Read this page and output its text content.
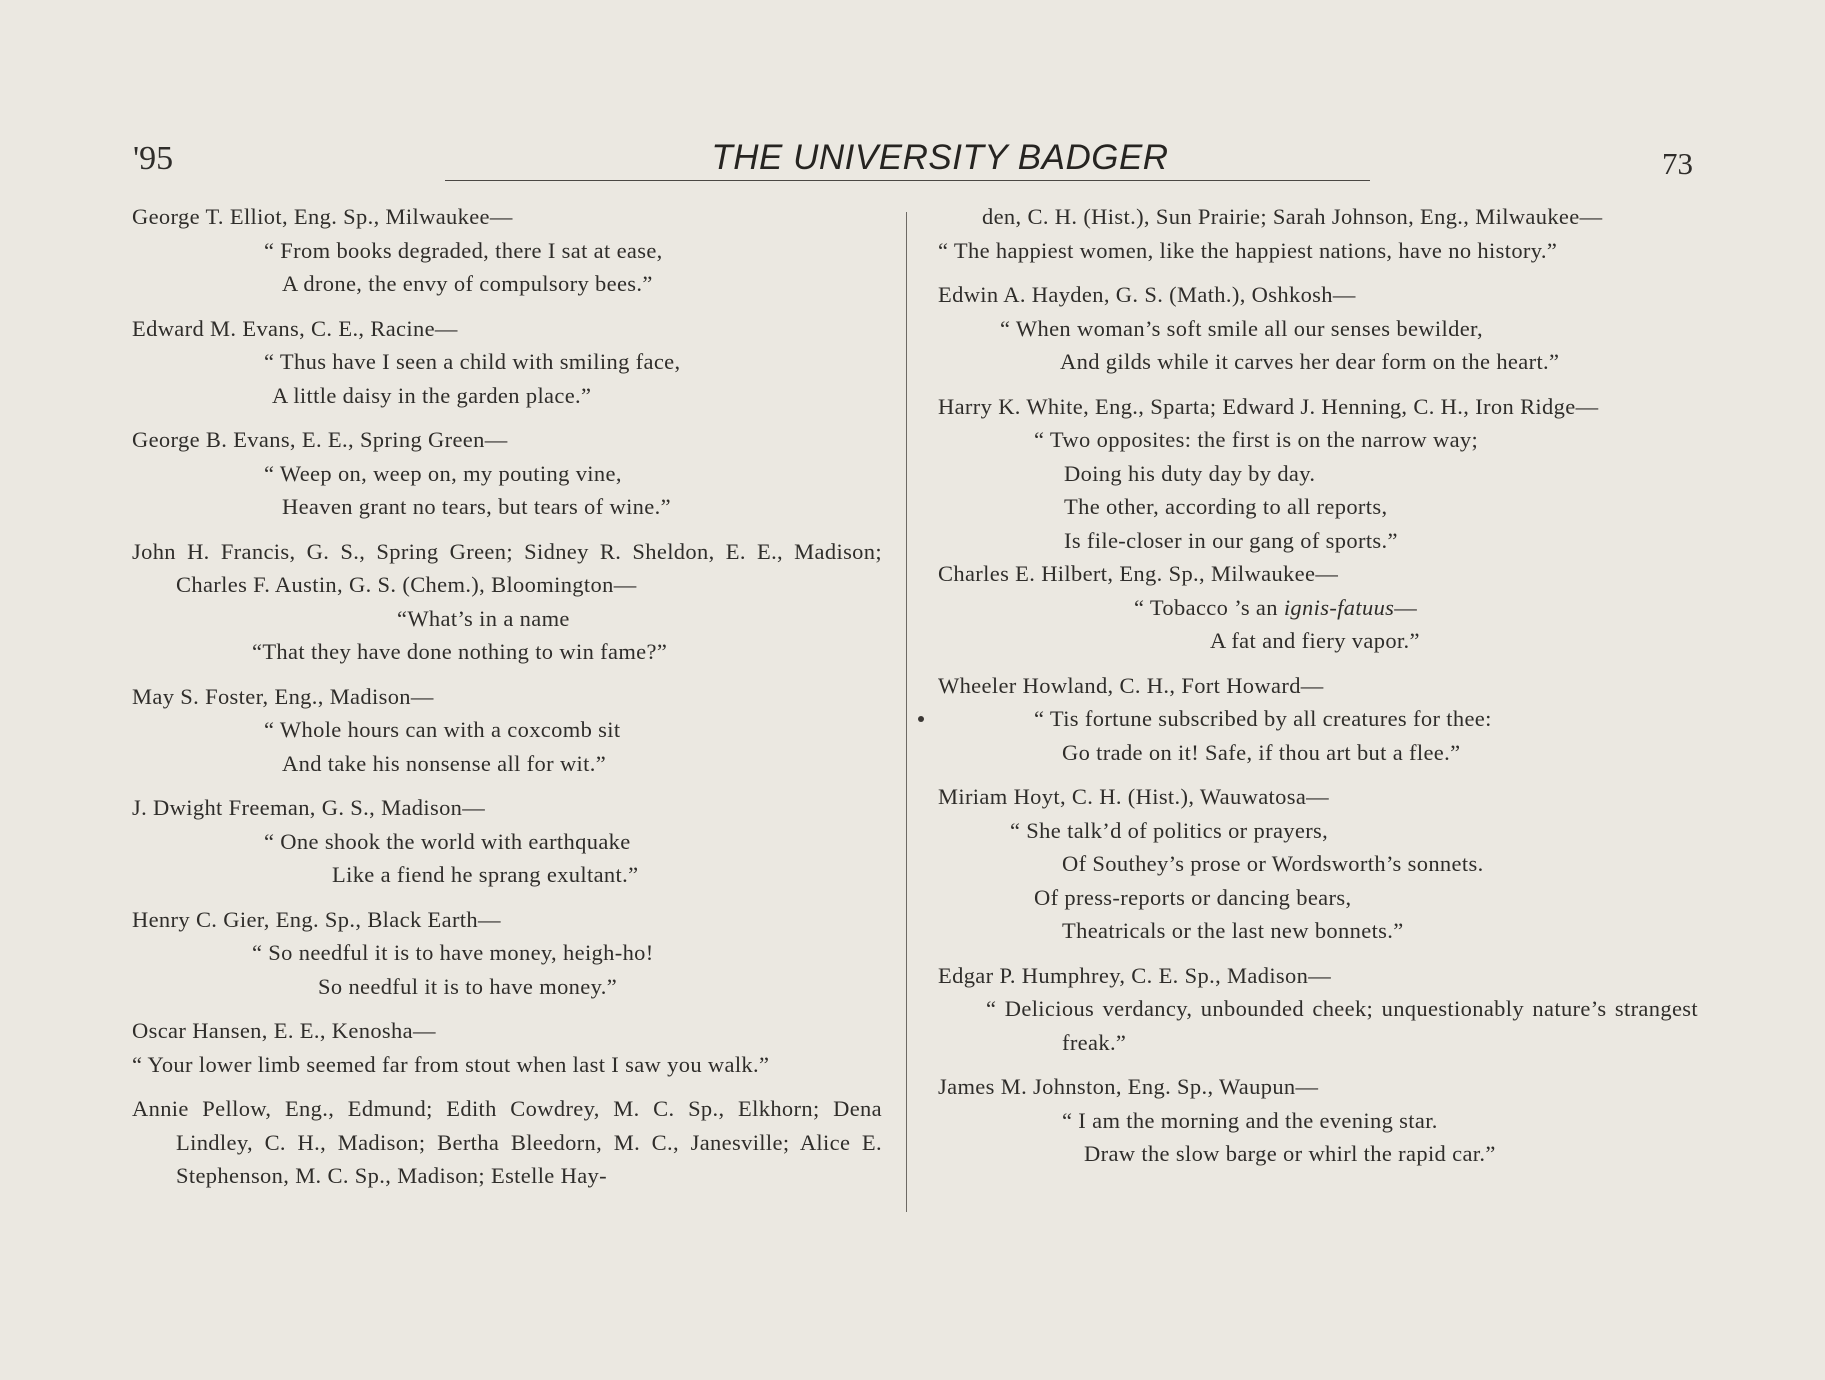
'95	THE UNIVERSITY BADGER	73
George T. Elliot, Eng. Sp., Milwaukee—
“ From books degraded, there I sat at ease,
A drone, the envy of compulsory bees.”
Edward M. Evans, C. E., Racine—
“ Thus have I seen a child with smiling face,
A little daisy in the garden place.”
George B. Evans, E. E., Spring Green—
“ Weep on, weep on, my pouting vine,
Heaven grant no tears, but tears of wine.”
John H. Francis, G. S., Spring Green; Sidney R. Sheldon, E. E., Madison; Charles F. Austin, G. S. (Chem.), Bloomington—
“What’s in a name
“That they have done nothing to win fame?”
May S. Foster, Eng., Madison—
“ Whole hours can with a coxcomb sit
And take his nonsense all for wit.”
J. Dwight Freeman, G. S., Madison—
“ One shook the world with earthquake
Like a fiend he sprang exultant.”
Henry C. Gier, Eng. Sp., Black Earth—
“ So needful it is to have money, heigh-ho!
So needful it is to have money.”
Oscar Hansen, E. E., Kenosha—
“ Your lower limb seemed far from stout when last I saw you walk.”
Annie Pellow, Eng., Edmund; Edith Cowdrey, M. C. Sp., Elkhorn; Dena Lindley, C. H., Madison; Bertha Bleedorn, M. C., Janesville; Alice E. Stephenson, M. C. Sp., Madison; Estelle Hay-
den, C. H. (Hist.), Sun Prairie; Sarah Johnson, Eng., Milwaukee—
“ The happiest women, like the happiest nations, have no history.”
Edwin A. Hayden, G. S. (Math.), Oshkosh—
“ When woman’s soft smile all our senses bewilder,
And gilds while it carves her dear form on the heart.”
Harry K. White, Eng., Sparta; Edward J. Henning, C. H., Iron Ridge—
“ Two opposites: the first is on the narrow way;
Doing his duty day by day.
The other, according to all reports,
Is file-closer in our gang of sports.”
Charles E. Hilbert, Eng. Sp., Milwaukee—
“ Tobacco ’s an ignis-fatuus—
A fat and fiery vapor.”
Wheeler Howland, C. H., Fort Howard—
“ Tis fortune subscribed by all creatures for thee:
Go trade on it! Safe, if thou art but a flee.”
Miriam Hoyt, C. H. (Hist.), Wauwatosa—
“ She talk’d of politics or prayers,
Of Southey’s prose or Wordsworth’s sonnets.
Of press-reports or dancing bears,
Theatricals or the last new bonnets.”
Edgar P. Humphrey, C. E. Sp., Madison—
“ Delicious verdancy, unbounded cheek; unquestionably nature’s strangest freak.”
James M. Johnston, Eng. Sp., Waupun—
“ I am the morning and the evening star.
Draw the slow barge or whirl the rapid car.”
